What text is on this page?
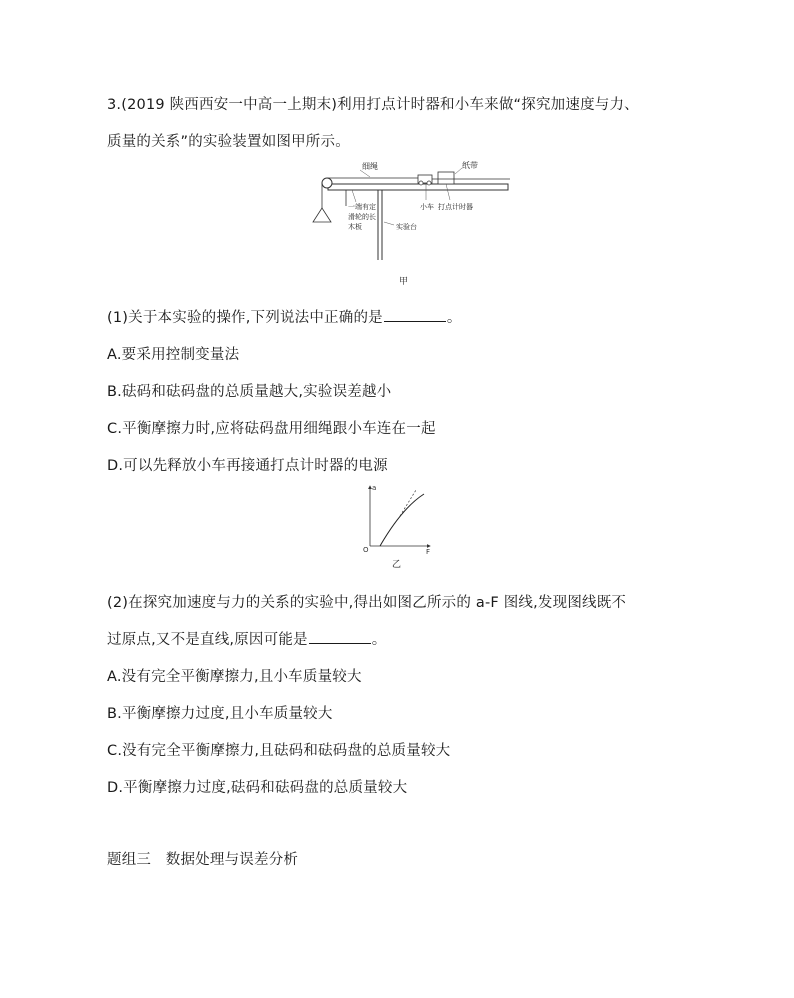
3.(2019 陕西西安一中高一上期末)利用打点计时器和小车来做“探究加速度与力、
质量的关系”的实验装置如图甲所示。
细绳	纸带
一端有定
滑轮的长
木板
小车 打点计时器
实验台
甲
(1)关于本实验的操作,下列说法中正确的是	。
A.要采用控制变量法
B.砝码和砝码盘的总质量越大,实验误差越小
C.平衡摩擦力时,应将砝码盘用细绳跟小车连在一起
D.可以先释放小车再接通打点计时器的电源
a
F
O
乙
(2)在探究加速度与力的关系的实验中,得出如图乙所示的 a-F 图线,发现图线既不
过原点,又不是直线,原因可能是	。
A.没有完全平衡摩擦力,且小车质量较大
B.平衡摩擦力过度,且小车质量较大
C.没有完全平衡摩擦力,且砝码和砝码盘的总质量较大
D.平衡摩擦力过度,砝码和砝码盘的总质量较大
题组三　数据处理与误差分析
